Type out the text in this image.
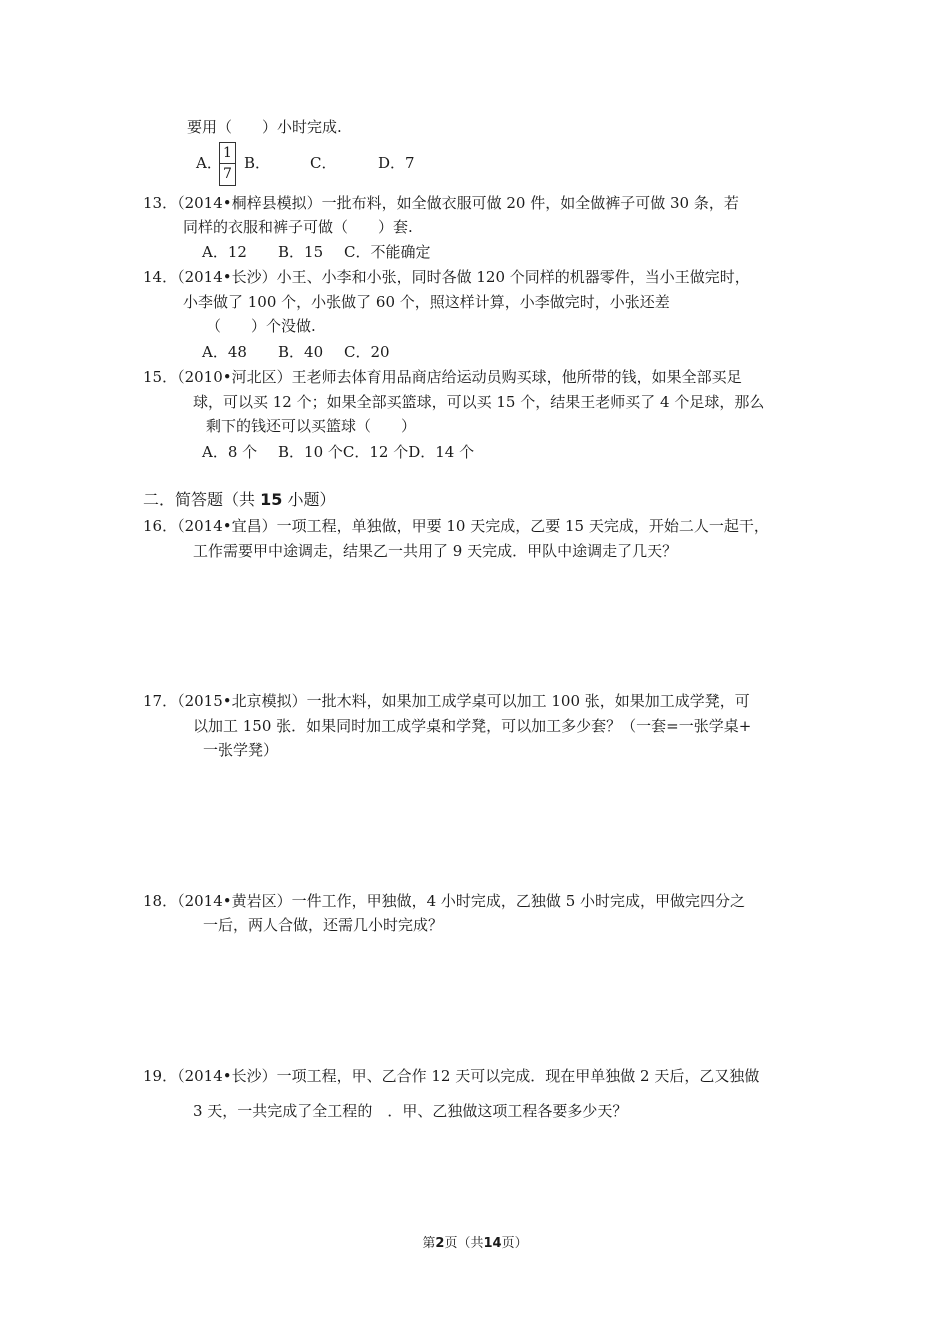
要用（　　）小时完成.
A．
$\frac{1}{7}$ B．	C．	D．7
13．（2014•桐梓县模拟）一批布料，如全做衣服可做 20 件，如全做裤子可做 30 条，若
同样的衣服和裤子可做（　　）套.
A．12 B．15 C．不能确定
14．（2014•长沙）小王、小李和小张，同时各做 120 个同样的机器零件，当小王做完时，
小李做了 100 个，小张做了 60 个，照这样计算，小李做完时，小张还差
（　　）个没做.
A．48 B．40 C．20
15．（2010•河北区）王老师去体育用品商店给运动员购买球，他所带的钱，如果全部买足
球，可以买 12 个；如果全部买篮球，可以买 15 个，结果王老师买了 4 个足球，那么
剩下的钱还可以买篮球（　　）
A．8 个 B．10 个C．12 个D．14 个
二．简答题（共 15 小题）
16．（2014•宜昌）一项工程，单独做，甲要 10 天完成，乙要 15 天完成，开始二人一起干，
工作需要甲中途调走，结果乙一共用了 9 天完成．甲队中途调走了几天？
17．（2015•北京模拟）一批木料，如果加工成学桌可以加工 100 张，如果加工成学凳，可
以加工 150 张．如果同时加工成学桌和学凳，可以加工多少套？（一套=一张学桌+
一张学凳）
18．（2014•黄岩区）一件工作，甲独做，4 小时完成，乙独做 5 小时完成，甲做完四分之
一后，两人合做，还需几小时完成？
19．（2014•长沙）一项工程，甲、乙合作 12 天可以完成．现在甲单独做 2 天后，乙又独做
3 天，一共完成了全工程的　．甲、乙独做这项工程各要多少天？
第2页（共14页）
